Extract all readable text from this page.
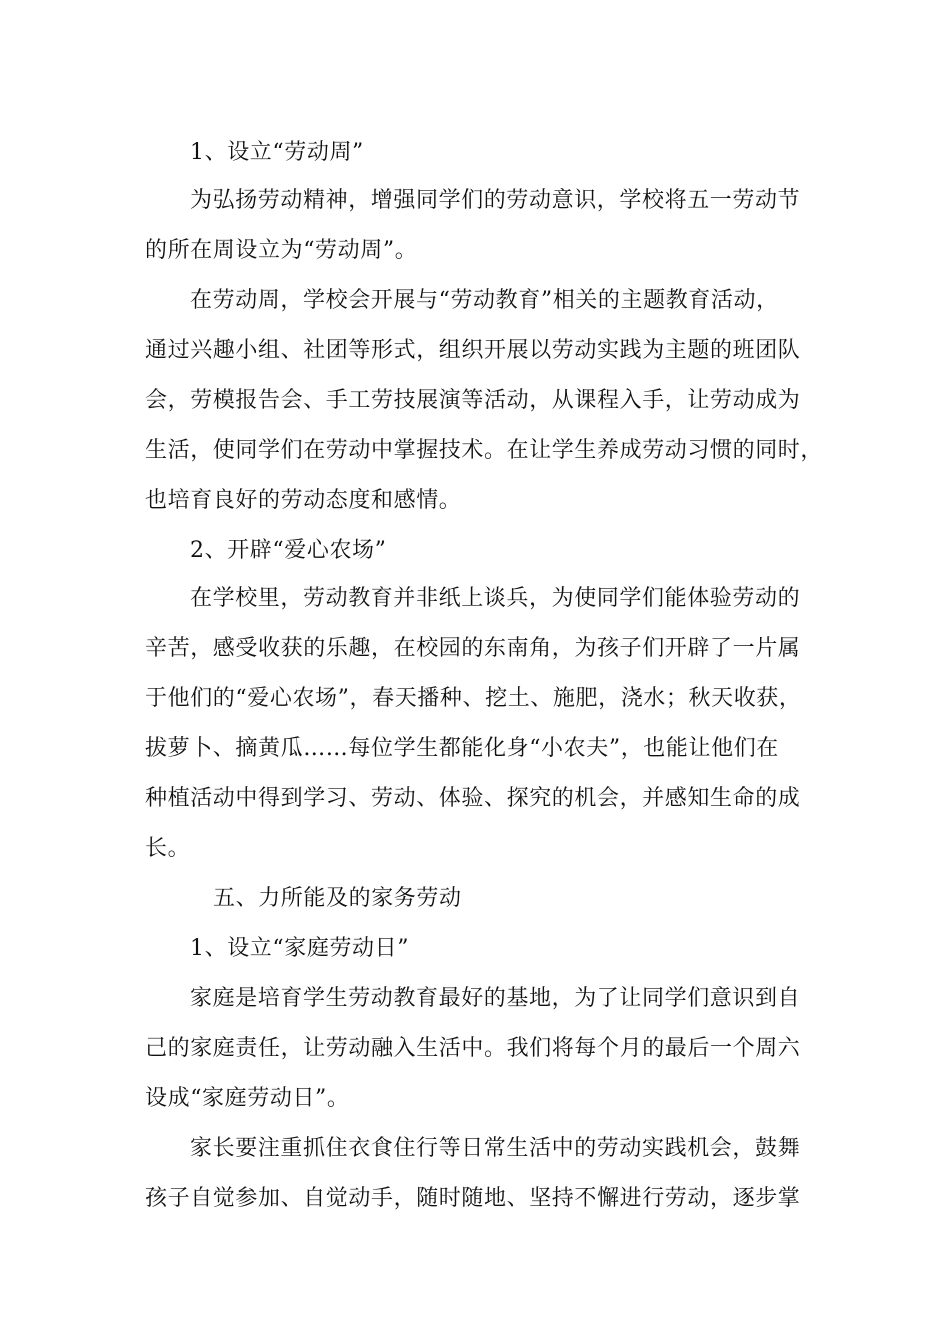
1、设立“劳动周”
为弘扬劳动精神，增强同学们的劳动意识，学校将五一劳动节
的所在周设立为“劳动周”。
在劳动周，学校会开展与“劳动教育”相关的主题教育活动，
通过兴趣小组、社团等形式，组织开展以劳动实践为主题的班团队
会，劳模报告会、手工劳技展演等活动，从课程入手，让劳动成为
生活，使同学们在劳动中掌握技术。在让学生养成劳动习惯的同时，
也培育良好的劳动态度和感情。
2、开辟“爱心农场”
在学校里，劳动教育并非纸上谈兵，为使同学们能体验劳动的
辛苦，感受收获的乐趣，在校园的东南角，为孩子们开辟了一片属
于他们的“爱心农场”，春天播种、挖土、施肥，浇水；秋天收获，
拔萝卜、摘黄瓜……每位学生都能化身“小农夫”，也能让他们在
种植活动中得到学习、劳动、体验、探究的机会，并感知生命的成
长。
五、力所能及的家务劳动
1、设立“家庭劳动日”
家庭是培育学生劳动教育最好的基地，为了让同学们意识到自
己的家庭责任，让劳动融入生活中。我们将每个月的最后一个周六
设成“家庭劳动日”。
家长要注重抓住衣食住行等日常生活中的劳动实践机会，鼓舞
孩子自觉参加、自觉动手，随时随地、坚持不懈进行劳动，逐步掌
